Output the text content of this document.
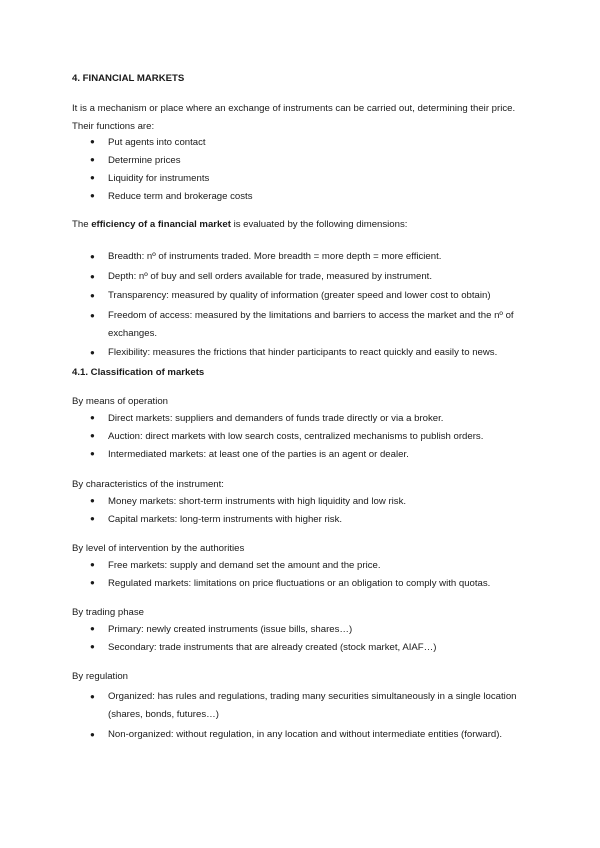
4. FINANCIAL MARKETS

It is a mechanism or place where an exchange of instruments can be carried out, determining their price. Their functions are:

● Put agents into contact
● Determine prices
● Liquidity for instruments
● Reduce term and brokerage costs

The efficiency of a financial market is evaluated by the following dimensions:

● Breadth: nº of instruments traded. More breadth = more depth = more efficient.
● Depth: nº of buy and sell orders available for trade, measured by instrument.
● Transparency: measured by quality of information (greater speed and lower cost to obtain)
● Freedom of access: measured by the limitations and barriers to access the market and the nº of exchanges.
● Flexibility: measures the frictions that hinder participants to react quickly and easily to news.
4.1. Classification of markets

By means of operation

● Direct markets: suppliers and demanders of funds trade directly or via a broker.
● Auction: direct markets with low search costs, centralized mechanisms to publish orders.
● Intermediated markets: at least one of the parties is an agent or dealer.

By characteristics of the instrument:

● Money markets: short-term instruments with high liquidity and low risk.
● Capital markets: long-term instruments with higher risk.

By level of intervention by the authorities

● Free markets: supply and demand set the amount and the price.
● Regulated markets: limitations on price fluctuations or an obligation to comply with quotas.

By trading phase

● Primary: newly created instruments (issue bills, shares…)
● Secondary: trade instruments that are already created (stock market, AIAF…)

By regulation

● Organized: has rules and regulations, trading many securities simultaneously in a single location (shares, bonds, futures…)
● Non-organized: without regulation, in any location and without intermediate entities (forward).
